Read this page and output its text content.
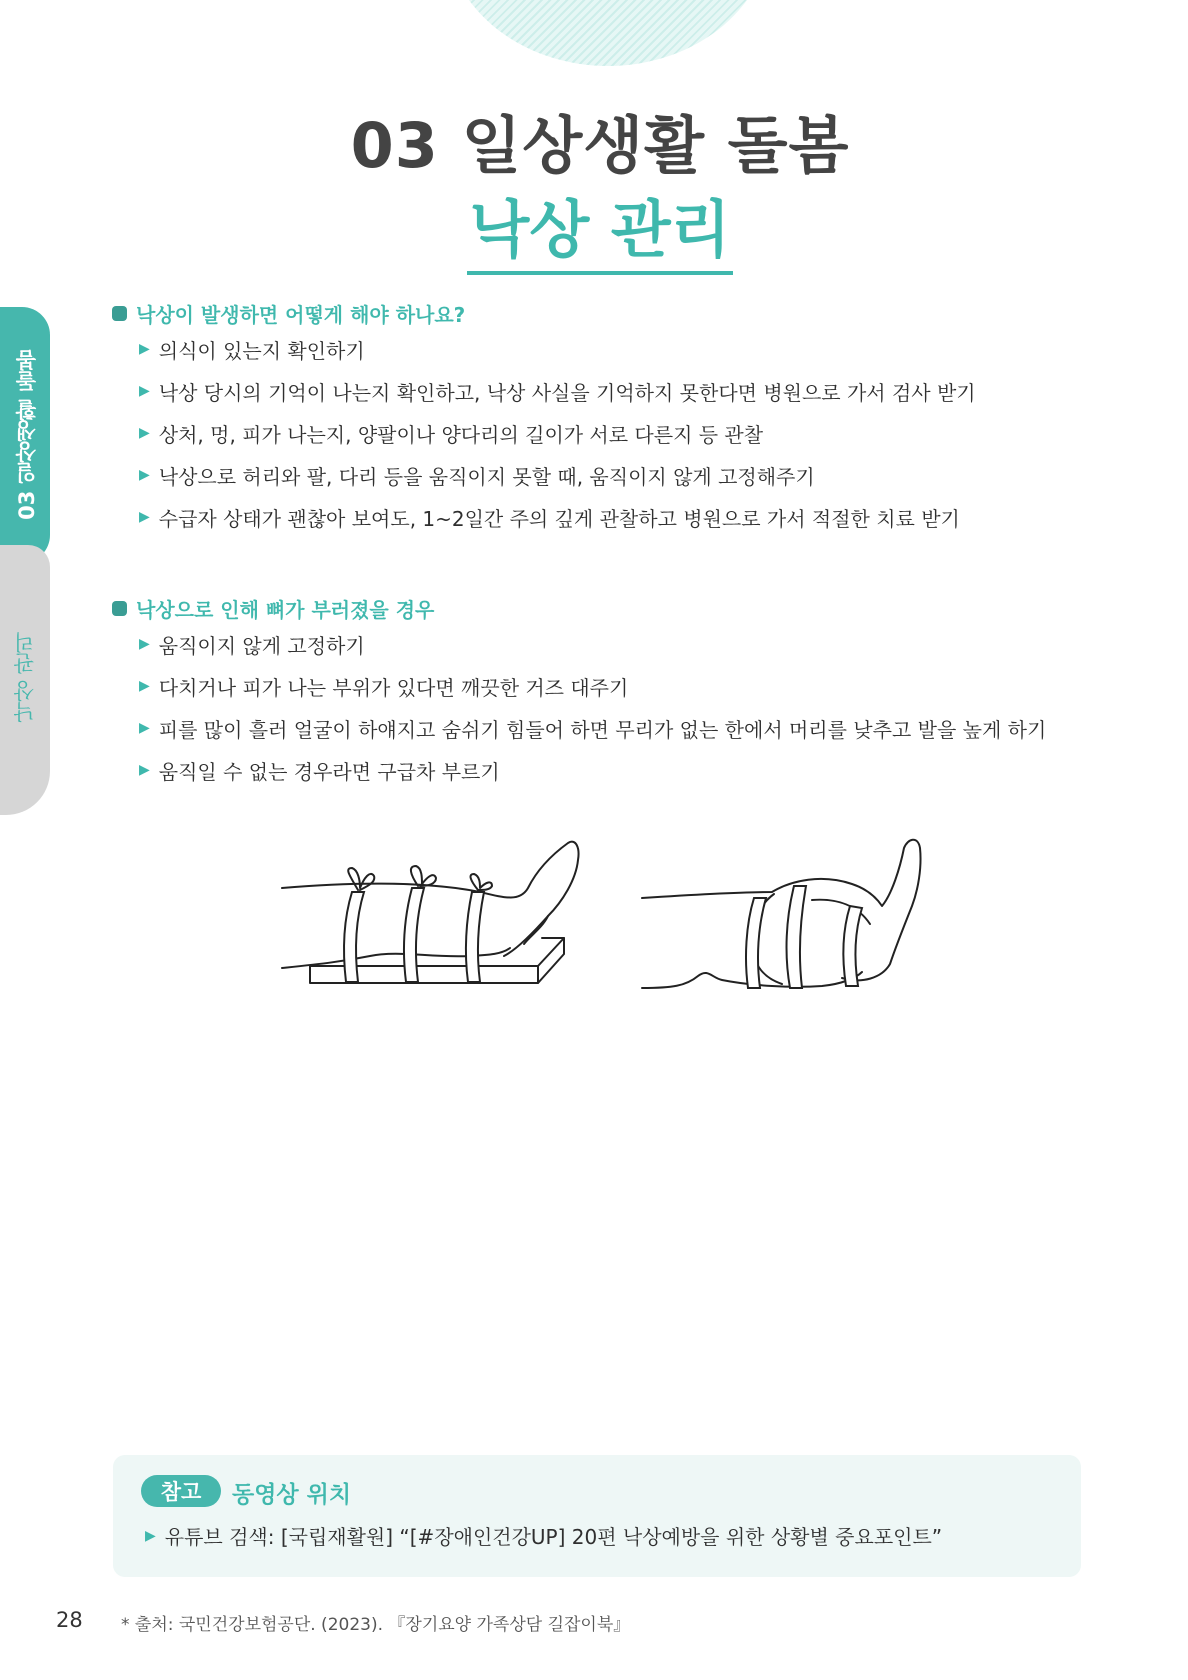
03 일상생활 돌봄
낙상 관리
03 일상생활 돌봄
낙상 관리
낙상이 발생하면 어떻게 해야 하나요?
▶ 의식이 있는지 확인하기
▶ 낙상 당시의 기억이 나는지 확인하고, 낙상 사실을 기억하지 못한다면 병원으로 가서 검사 받기
▶ 상처, 멍, 피가 나는지, 양팔이나 양다리의 길이가 서로 다른지 등 관찰
▶ 낙상으로 허리와 팔, 다리 등을 움직이지 못할 때, 움직이지 않게 고정해주기
▶ 수급자 상태가 괜찮아 보여도, 1~2일간 주의 깊게 관찰하고 병원으로 가서 적절한 치료 받기
낙상으로 인해 뼈가 부러졌을 경우
▶ 움직이지 않게 고정하기
▶ 다치거나 피가 나는 부위가 있다면 깨끗한 거즈 대주기
▶ 피를 많이 흘러 얼굴이 하얘지고 숨쉬기 힘들어 하면 무리가 없는 한에서 머리를 낮추고 발을 높게 하기
▶ 움직일 수 없는 경우라면 구급차 부르기
참고	동영상 위치
▶ 유튜브 검색: [국립재활원] “[#장애인건강UP] 20편 낙상예방을 위한 상황별 중요포인트”
28 * 출처: 국민건강보험공단. (2023). 『장기요양 가족상담 길잡이북』
